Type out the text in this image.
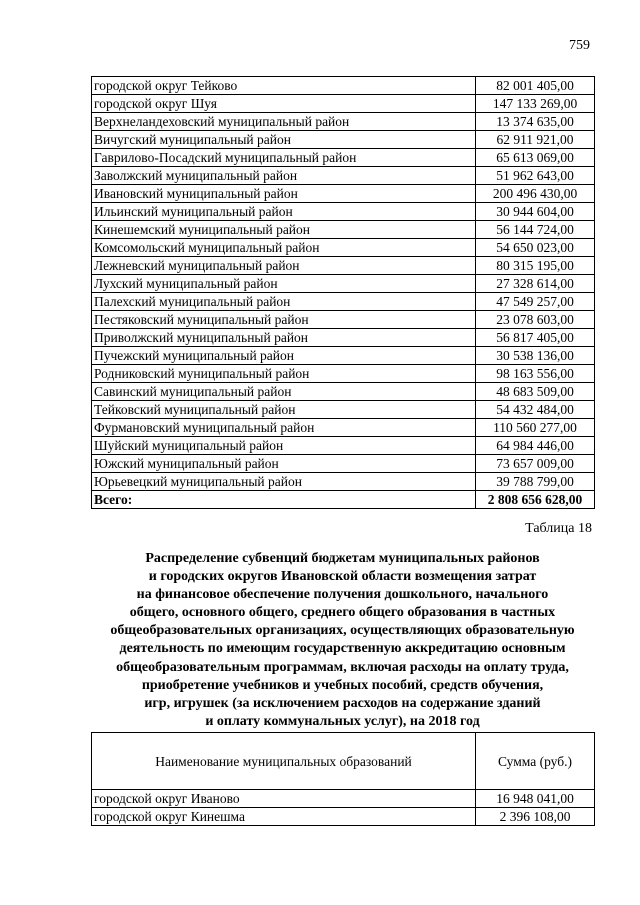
759
городской округ Тейково	82 001 405,00
городской округ Шуя	147 133 269,00
Верхнеландеховский муниципальный район	13 374 635,00
Вичугский муниципальный район	62 911 921,00
Гаврилово-Посадский муниципальный район	65 613 069,00
Заволжский муниципальный район	51 962 643,00
Ивановский муниципальный район	200 496 430,00
Ильинский муниципальный район	30 944 604,00
Кинешемский муниципальный район	56 144 724,00
Комсомольский муниципальный район	54 650 023,00
Лежневский муниципальный район	80 315 195,00
Лухский муниципальный район	27 328 614,00
Палехский муниципальный район	47 549 257,00
Пестяковский муниципальный район	23 078 603,00
Приволжский муниципальный район	56 817 405,00
Пучежский муниципальный район	30 538 136,00
Родниковский муниципальный район	98 163 556,00
Савинский муниципальный район	48 683 509,00
Тейковский муниципальный район	54 432 484,00
Фурмановский муниципальный район	110 560 277,00
Шуйский муниципальный район	64 984 446,00
Южский муниципальный район	73 657 009,00
Юрьевецкий муниципальный район	39 788 799,00
Всего:	2 808 656 628,00
Таблица 18
Распределение субвенций бюджетам муниципальных районов
и городских округов Ивановской области возмещения затрат
на финансовое обеспечение получения дошкольного, начального
общего, основного общего, среднего общего образования в частных
общеобразовательных организациях, осуществляющих образовательную
деятельность по имеющим государственную аккредитацию основным
общеобразовательным программам, включая расходы на оплату труда,
приобретение учебников и учебных пособий, средств обучения,
игр, игрушек (за исключением расходов на содержание зданий
и оплату коммунальных услуг), на 2018 год
Наименование муниципальных образований	Сумма (руб.)
городской округ Иваново	16 948 041,00
городской округ Кинешма	2 396 108,00
